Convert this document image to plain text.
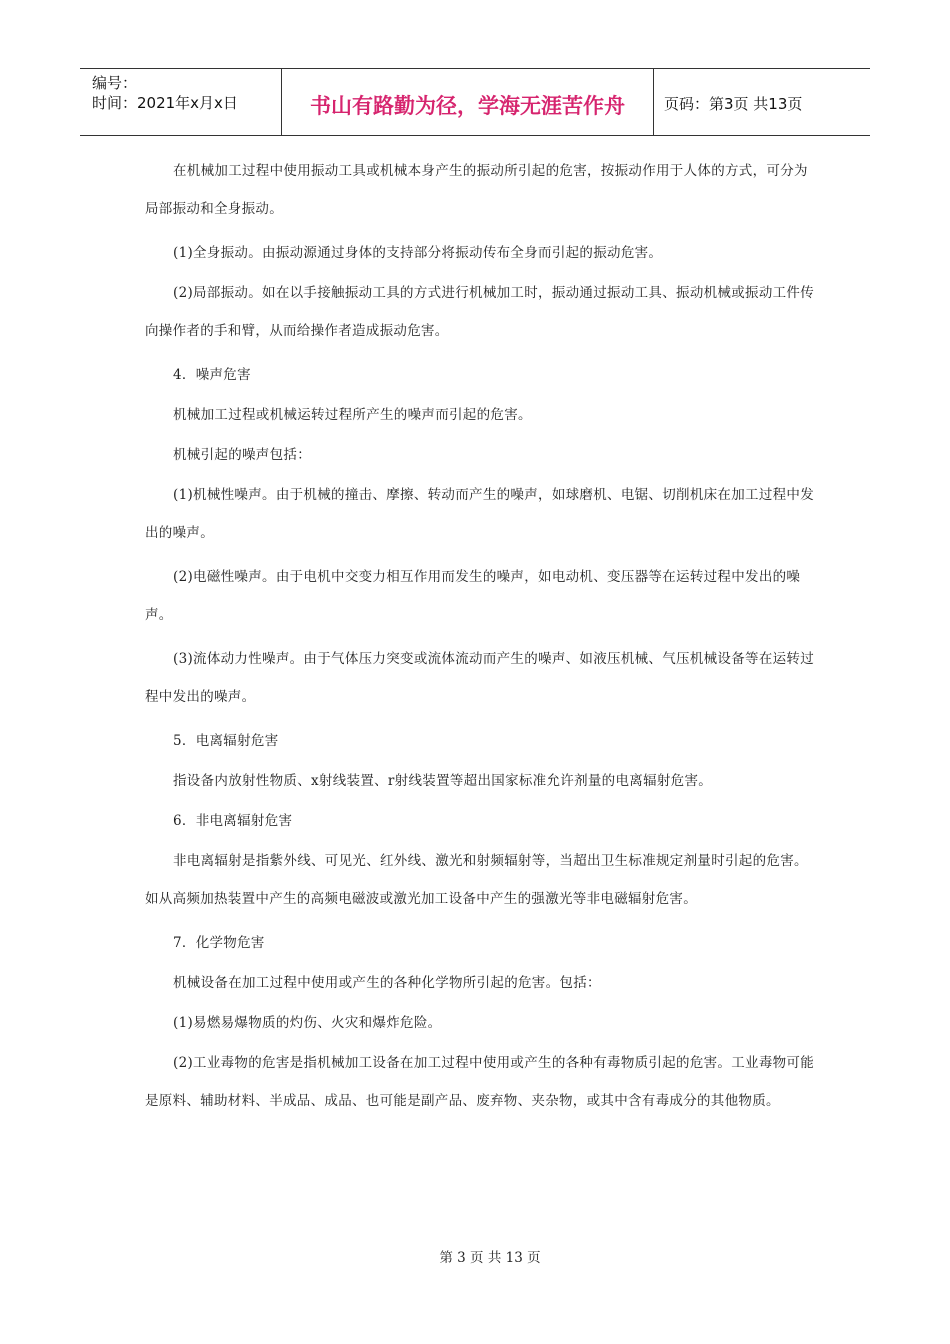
编号：
时间：2021年x月x日	书山有路勤为径，学海无涯苦作舟	页码：第3页 共13页

在机械加工过程中使用振动工具或机械本身产生的振动所引起的危害，按振动作用于人体的方式，可分为局部振动和全身振动。

(1)全身振动。由振动源通过身体的支持部分将振动传布全身而引起的振动危害。

(2)局部振动。如在以手接触振动工具的方式进行机械加工时，振动通过振动工具、振动机械或振动工件传向操作者的手和臂，从而给操作者造成振动危害。

4．噪声危害

机械加工过程或机械运转过程所产生的噪声而引起的危害。

机械引起的噪声包括：

(1)机械性噪声。由于机械的撞击、摩擦、转动而产生的噪声，如球磨机、电锯、切削机床在加工过程中发出的噪声。

(2)电磁性噪声。由于电机中交变力相互作用而发生的噪声，如电动机、变压器等在运转过程中发出的噪声。

(3)流体动力性噪声。由于气体压力突变或流体流动而产生的噪声、如液压机械、气压机械设备等在运转过程中发出的噪声。

5．电离辐射危害

指设备内放射性物质、x射线装置、r射线装置等超出国家标准允许剂量的电离辐射危害。

6．非电离辐射危害

非电离辐射是指紫外线、可见光、红外线、激光和射频辐射等，当超出卫生标准规定剂量时引起的危害。如从高频加热装置中产生的高频电磁波或激光加工设备中产生的强激光等非电磁辐射危害。

7．化学物危害

机械设备在加工过程中使用或产生的各种化学物所引起的危害。包括：

(1)易燃易爆物质的灼伤、火灾和爆炸危险。

(2)工业毒物的危害是指机械加工设备在加工过程中使用或产生的各种有毒物质引起的危害。工业毒物可能是原料、辅助材料、半成品、成品、也可能是副产品、废弃物、夹杂物，或其中含有毒成分的其他物质。

第 3 页 共 13 页
